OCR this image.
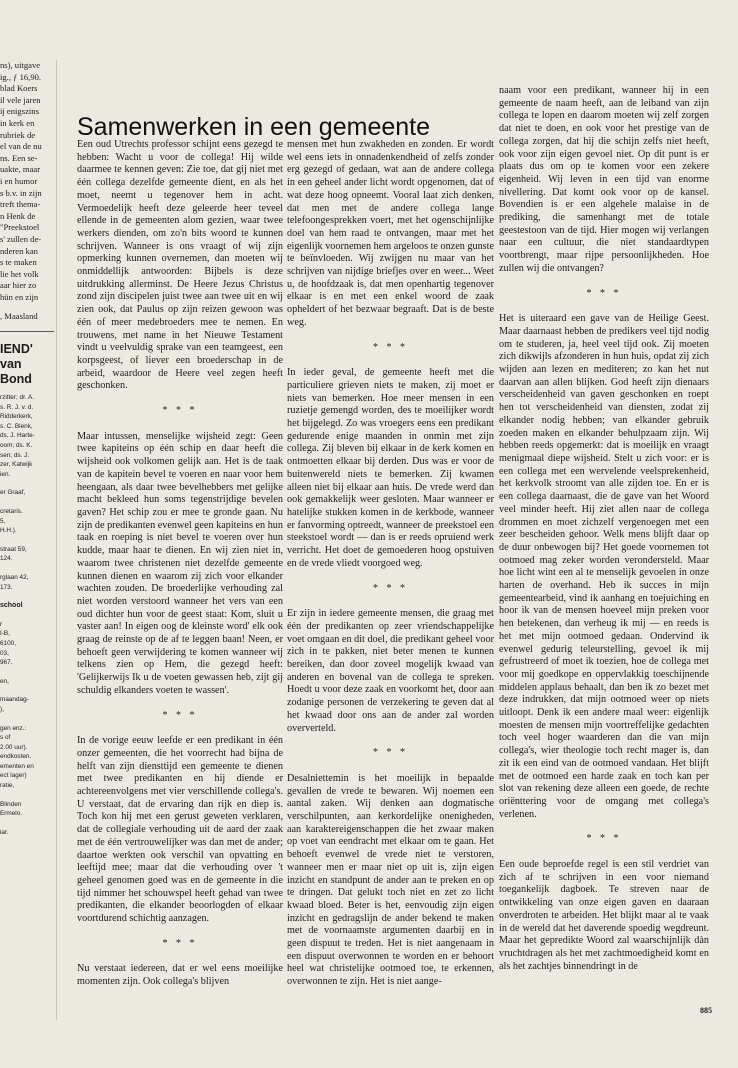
ns), uitgave
ig., ƒ 16,90.
blad Koers
il vele jaren
ij enigszins
in kerk en
rubriek de
el van de nu
ns. Een se-
uakte, maar
i en humor
s b.v. in zijn
treft thema-
n Henk de
"Preekstoel
s' zullen de-
nderen kan
s te maken
lie het volk
aar hier zo
hün en zijn
, Maasland
IEND'
van
Bond
rzitter; dr. A.
s. R. J. v. d.
Ridderkerk,
s. C. Blenk,
ds. J. Harte-
oom; ds. K.
sen; ds. J.
zer, Katwijk
ien.
er Graaf,
cretaris.
5,
H.H.).
straat 59,
124.
rglaan 42,
173.
school
r
I-B,
6100,
03,
967.
en,
maandag-
),
gen enz.:
s of
2.00 uur).
endkosten.
ementen en
ect lager)
ratie,
Blinden
Ermelo.
iar.
Samenwerken in een gemeente

Een oud Utrechts professor schijnt eens gezegd te hebben: Wacht u voor de collega! Hij wilde daarmee te kennen geven: Zie toe, dat gij niet met één collega dezelfde gemeente dient, en als het moet, neemt u tegenover hem in acht. Vermoedelijk heeft deze geleerde heer teveel ellende in de gemeenten alom gezien, waar twee werkers dienden, om zo'n bits woord te kunnen schrijven. Wanneer is ons vraagt of wij zijn opmerking kunnen overnemen, dan moeten wij onmiddellijk antwoorden: Bijbels is deze uitdrukking allerminst. De Heere Jezus Christus zond zijn discipelen juist twee aan twee uit en wij zien ook, dat Paulus op zijn reizen gewoon was één of meer medebroeders mee te nemen. En trouwens, met name in het Nieuwe Testament vindt u veelvuldig sprake van een teamgeest, een korpsgeest, of liever een broederschap in de arbeid, waardoor de Heere veel zegen heeft geschonken.

* * *

Maar intussen, menselijke wijsheid zegt: Geen twee kapiteins op één schip en daar heeft die wijsheid ook volkomen gelijk aan. Het is de taak van de kapitein bevel te voeren en naar voor hem heengaan, als daar twee bevelhebbers met gelijke macht bekleed hun soms tegenstrijdige bevelen gaven? Het schip zou er mee te gronde gaan. Nu zijn de predikanten evenwel geen kapiteins en hun taak en roeping is niet bevel te voeren over hun kudde, maar haar te dienen. En wij zien niet in, waarom twee christenen niet dezelfde gemeente kunnen dienen en waarom zij zich voor elkander wachten zouden. De broederlijke verhouding zal niet worden verstoord wanneer het vers van een oud dichter hun voor de geest staat: Kom, sluit u vaster aan! In eigen oog de kleinste word' elk ook graag de reinste op de af te leggen baan! Neen, er behoeft geen verwijdering te komen wanneer wij telkens zien op Hem, die gezegd heeft: 'Gelijkerwijs Ik u de voeten gewassen heb, zijt gij schuldig elkanders voeten te wassen'.

* * *

In de vorige eeuw leefde er een predikant in één onzer gemeenten, die het voorrecht had bijna de helft van zijn diensttijd een gemeente te dienen met twee predikanten en hij diende er achtereenvolgens met vier verschillende collega's. U verstaat, dat de ervaring dan rijk en diep is. Toch kon hij met een gerust geweten verklaren, dat de collegiale verhouding uit de aard der zaak met de één vertrouwelijker was dan met de ander; daartoe werkten ook verschil van opvatting en leeftijd mee; maar dat die verhouding over 't geheel genomen goed was en de gemeente in die tijd nimmer het schouwspel heeft gehad van twee predikanten, die elkander beoorlogden of elkaar voortdurend schichtig aanzagen.

* * *

Nu verstaat iedereen, dat er wel eens moeilijke momenten zijn. Ook collega's blijven

mensen met hun zwakheden en zonden. Er wordt wel eens iets in onnadenkendheid of zelfs zonder erg gezegd of gedaan, wat aan de andere collega in een geheel ander licht wordt opgenomen, dat of wat deze hoog opneemt. Vooral laat zich denken, dat men met de andere collega lange telefoongesprekken voert, met het ogenschijnlijke doel van hem raad te ontvangen, maar met het eigenlijk voornemen hem argeloos te onzen gunste te beïnvloeden. Wij zwijgen nu maar van het schrijven van nijdige briefjes over en weer... Weet u, de hoofdzaak is, dat men openhartig tegenover elkaar is en met een enkel woord de zaak opheldert of het bezwaar begraaft. Dat is de beste weg.

* * *

In ieder geval, de gemeente heeft met die particuliere grieven niets te maken, zij moet er niets van bemerken. Hoe meer mensen in een ruzietje gemengd worden, des te moeilijker wordt het bijgelegd. Zo was vroegers eens een predikant gedurende enige maanden in onmin met zijn collega. Zij bleven bij elkaar in de kerk komen en ontmoetten elkaar bij derden. Dus was er voor de buitenwereld niets te bemerken. Zij kwamen alleen niet bij elkaar aan huis. De vrede werd dan ook gemakkelijk weer gesloten. Maar wanneer er hatelijke stukken komen in de kerkbode, wanneer er fanvorming optreedt, wanneer de preekstoel een steekstoel wordt — dan is er reeds opruiend werk verricht. Het doet de gemoederen hoog opstuiven en de vrede vliedt voorgoed weg.

* * *

Er zijn in iedere gemeente mensen, die graag met één der predikanten op zeer vriendschappelijke voet omgaan en dit doel, die predikant geheel voor zich in te pakken, niet beter menen te kunnen bereiken, dan door zoveel mogelijk kwaad van anderen en bovenal van de collega te spreken. Hoedt u voor deze zaak en voorkomt het, door aan zodanige personen de verzekering te geven dat al het kwaad door ons aan de ander zal worden oververteld.

* * *

Desalniettemin is het moeilijk in bepaalde gevallen de vrede te bewaren. Wij noemen een aantal zaken. Wij denken aan dogmatische verschilpunten, aan kerkordelijke onenigheden, aan karaktereigenschappen die het zwaar maken op voet van eendracht met elkaar om te gaan. Het behoeft evenwel de vrede niet te verstoren, wanneer men er maar niet op uit is, zijn eigen inzicht en standpunt de ander aan te preken en op te dringen. Dat gelukt toch niet en zet zo licht kwaad bloed. Beter is het, eenvoudig zijn eigen inzicht en gedragslijn de ander bekend te maken met de voornaamste argumenten daarbij en in geen dispuut te treden. Het is niet aangenaam in een dispuut overwonnen te worden en er behoort heel wat christelijke ootmoed toe, te erkennen, overwonnen te zijn. Het is niet aange-

naam voor een predikant, wanneer hij in een gemeente de naam heeft, aan de leiband van zijn collega te lopen en daarom moeten wij zelf zorgen dat niet te doen, en ook voor het prestige van de collega zorgen, dat hij die schijn zelfs niet heeft, ook voor zijn eigen gevoel niet. Op dit punt is er plaats dus om op te komen voor een zekere eigenheid. Wij leven in een tijd van enorme nivellering. Dat komt ook voor op de kansel. Bovendien is er een algehele malaise in de prediking, die samenhangt met de totale geestestoon van de tijd. Hier mogen wij verlangen naar een cultuur, die niet standaardtypen voortbrengt, maar rijpe persoonlijkheden. Hoe zullen wij die ontvangen?

* * *

Het is uiteraard een gave van de Heilige Geest. Maar daarnaast hebben de predikers veel tijd nodig om te studeren, ja, heel veel tijd ook. Zij moeten zich dikwijls afzonderen in hun huis, opdat zij zich wijden aan lezen en mediteren; zo kan het nut daarvan aan allen blijken. God heeft zijn dienaars verscheidenheid van gaven geschonken en roept hen tot verscheidenheid van diensten, zodat zij elkander nodig hebben; van elkander gebruik zoeden maken en elkander behulpzaam zijn. Wij hebben reeds opgemerkt: dat is moeilijk en vraagt menigmaal diepe wijsheid. Stelt u zich voor: er is een collega met een wervelende veelsprekenheid, het kerkvolk stroomt van alle zijden toe. En er is een collega daarnaast, die de gave van het Woord veel minder heeft. Hij ziet allen naar de collega drommen en moet zichzelf vergenoegen met een zeer bescheiden gehoor. Welk mens blijft daar op de duur onbewogen bij? Het goede voornemen tot ootmoed mag zeker worden verondersteld. Maar hoe licht wint een al te menselijk gevoelen in onze harten de overhand. Heb ik succes in mijn gemeentearbeid, vind ik aanhang en toejuiching en hoor ik van de mensen hoeveel mijn preken voor hen betekenen, dan verheug ik mij — en reeds is het met mijn ootmoed gedaan. Ondervind ik evenwel gedurig teleurstelling, gevoel ik mij gefrustreerd of moet ik toezien, hoe de collega met voor mij goedkope en oppervlakkig toeschijnende middelen applaus behaalt, dan ben ik zo bezet met deze indrukken, dat mijn ootmoed weer op niets uitloopt. Denk ik een andere maal weer: eigenlijk moesten de mensen mijn voortreffelijke gedachten toch veel hoger waarderen dan die van mijn collega's, wier theologie toch recht mager is, dan zit ik een eind van de ootmoed vandaan. Het blijft met de ootmoed een harde zaak en toch kan per slot van rekening deze alleen een goede, de rechte oriënttering voor de omgang met collega's verlenen.

* * *

Een oude beproefde regel is een stil verdriet van zich af te schrijven in een voor niemand toegankelijk dagboek. Te streven naar de ontwikkeling van onze eigen gaven en daaraan onverdroten te arbeiden. Het blijkt maar al te vaak in de wereld dat het daverende spoedig wegdreunt. Maar het gepredikte Woord zal waarschijnlijk dàn vruchtdragen als het met zachtmoedigheid komt en als het zachtjes binnendringt in de

885
